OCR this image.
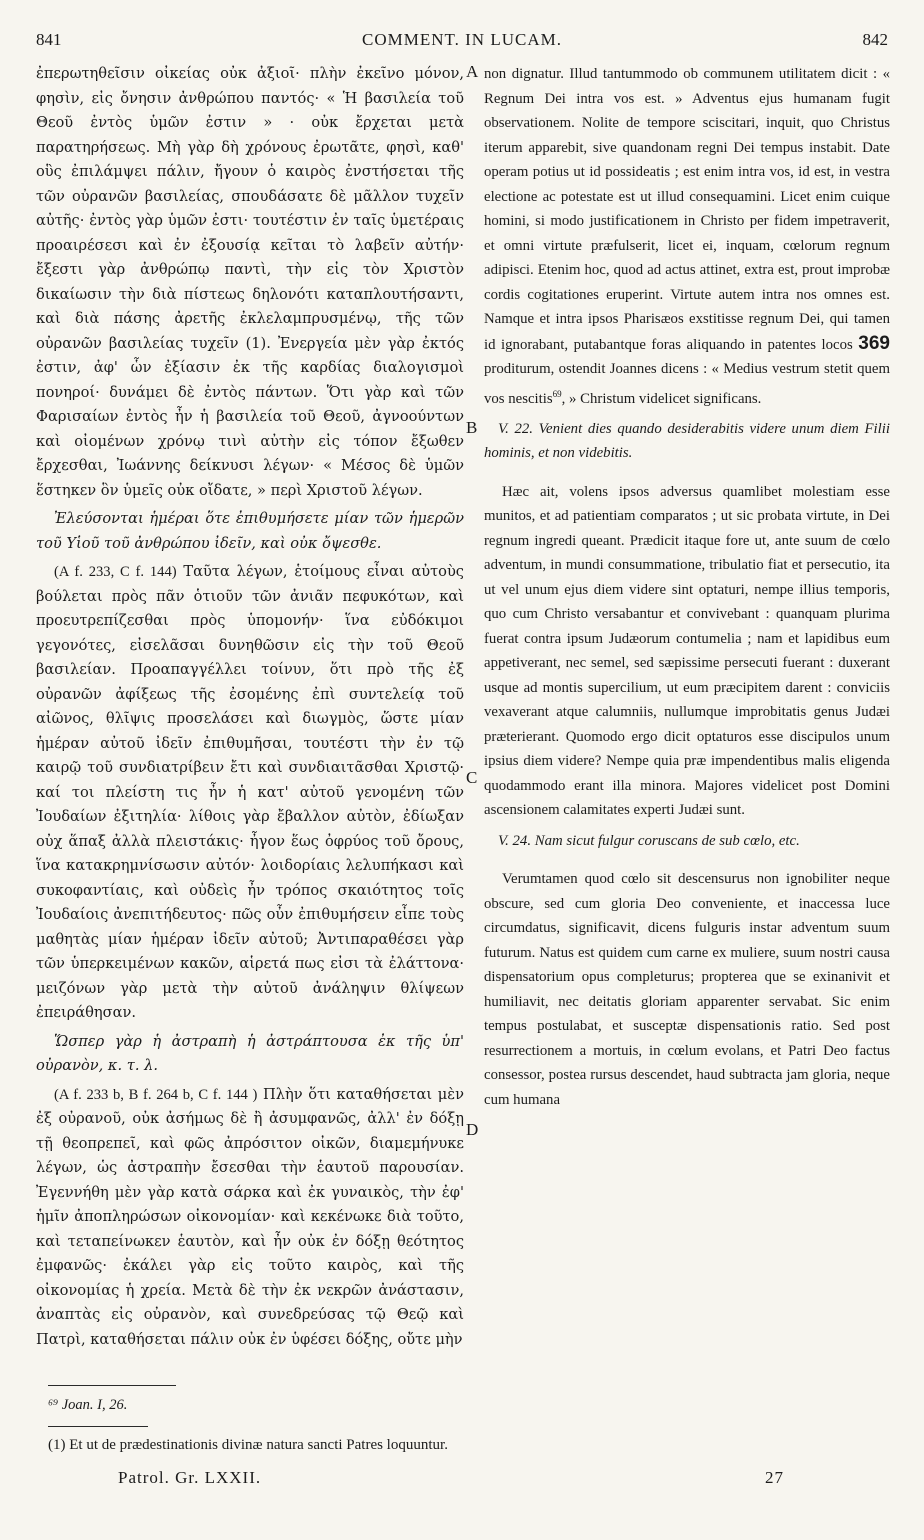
841	COMMENT. IN LUCAM.	842

ἐπερωτηθεῖσιν οἰκείας οὐκ ἀξιοῖ· πλὴν ἐκεῖνο μόνον, φησὶν, εἰς ὄνησιν ἀνθρώπου παντός· « Ἡ βασιλεία τοῦ Θεοῦ ἐντὸς ὑμῶν ἐστιν » · οὐκ ἔρχεται μετὰ παρατηρήσεως. Μὴ γὰρ δὴ χρόνους ἐρωτᾶτε, φησὶ, καθ' οὓς ἐπιλάμψει πάλιν, ἤγουν ὁ καιρὸς ἐνστήσεται τῆς τῶν οὐρανῶν βασιλείας, σπουδάσατε δὲ μᾶλλον τυχεῖν αὐτῆς· ἐντὸς γὰρ ὑμῶν ἐστι· τουτέστιν ἐν ταῖς ὑμετέραις προαιρέσεσι καὶ ἐν ἐξουσίᾳ κεῖται τὸ λαβεῖν αὐτήν· ἔξεστι γὰρ ἀνθρώπῳ παντὶ, τὴν εἰς τὸν Χριστὸν δικαίωσιν τὴν διὰ πίστεως δηλονότι καταπλουτήσαντι, καὶ διὰ πάσης ἀρετῆς ἐκλελαμπρυσμένῳ, τῆς τῶν οὐρανῶν βασιλείας τυχεῖν (1). Ἐνεργεία μὲν γὰρ ἐκτός ἐστιν, ἀφ' ὧν ἐξίασιν ἐκ τῆς καρδίας διαλογισμοὶ πονηροί· δυνάμει δὲ ἐντὸς πάντων. Ὅτι γὰρ καὶ τῶν Φαρισαίων ἐντὸς ἦν ἡ βασιλεία τοῦ Θεοῦ, ἀγνοούντων καὶ οἰομένων χρόνῳ τινὶ αὐτὴν εἰς τόπον ἔξωθεν ἔρχεσθαι, Ἰωάννης δείκνυσι λέγων· « Μέσος δὲ ὑμῶν ἕστηκεν ὃν ὑμεῖς οὐκ οἴδατε, » περὶ Χριστοῦ λέγων.

Ἐλεύσονται ἡμέραι ὅτε ἐπιθυμήσετε μίαν τῶν ἡμερῶν τοῦ Υἱοῦ τοῦ ἀνθρώπου ἰδεῖν, καὶ οὐκ ὄψεσθε.

(A f. 233, C f. 144) Ταῦτα λέγων, ἑτοίμους εἶναι αὐτοὺς βούλεται πρὸς πᾶν ὁτιοῦν τῶν ἀνιᾶν πεφυκότων, καὶ προευτρεπίζεσθαι πρὸς ὑπομονήν· ἵνα εὐδόκιμοι γεγονότες, εἰσελᾶσαι δυνηθῶσιν εἰς τὴν τοῦ Θεοῦ βασιλείαν. Προαπαγγέλλει τοίνυν, ὅτι πρὸ τῆς ἐξ οὐρανῶν ἀφίξεως τῆς ἐσομένης ἐπὶ συντελείᾳ τοῦ αἰῶνος, θλῖψις προσελάσει καὶ διωγμὸς, ὥστε μίαν ἡμέραν αὐτοῦ ἰδεῖν ἐπιθυμῆσαι, τουτέστι τὴν ἐν τῷ καιρῷ τοῦ συνδιατρίβειν ἔτι καὶ συνδιαιτᾶσθαι Χριστῷ· καί τοι πλείστη τις ἦν ἡ κατ' αὐτοῦ γενομένη τῶν Ἰουδαίων ἐξιτηλία· λίθοις γὰρ ἔβαλλον αὐτὸν, ἐδίωξαν οὐχ ἅπαξ ἀλλὰ πλειστάκις· ἦγον ἕως ὀφρύος τοῦ ὄρους, ἵνα κατακρημνίσωσιν αὐτόν· λοιδορίαις λελυπήκασι καὶ συκοφαντίαις, καὶ οὐδεὶς ἦν τρόπος σκαιότητος τοῖς Ἰουδαίοις ἀνεπιτήδευτος· πῶς οὖν ἐπιθυμήσειν εἶπε τοὺς μαθητὰς μίαν ἡμέραν ἰδεῖν αὐτοῦ; Ἀντιπαραθέσει γὰρ τῶν ὑπερκειμένων κακῶν, αἱρετά πως εἰσι τὰ ἐλάττονα· μειζόνων γὰρ μετὰ τὴν αὐτοῦ ἀνάληψιν θλίψεων ἐπειράθησαν.

Ὥσπερ γὰρ ἡ ἀστραπὴ ἡ ἀστράπτουσα ἐκ τῆς ὑπ' οὐρανὸν, κ. τ. λ.

(A f. 233 b, B f. 264 b, C f. 144 ) Πλὴν ὅτι καταθήσεται μὲν ἐξ οὐρανοῦ, οὐκ ἀσήμως δὲ ἢ ἀσυμφανῶς, ἀλλ' ἐν δόξῃ τῇ θεοπρεπεῖ, καὶ φῶς ἀπρόσιτον οἰκῶν, διαμεμήνυκε λέγων, ὡς ἀστραπὴν ἔσεσθαι τὴν ἑαυτοῦ παρουσίαν. Ἐγεννήθη μὲν γὰρ κατὰ σάρκα καὶ ἐκ γυναικὸς, τὴν ἐφ' ἡμῖν ἀποπληρώσων οἰκονομίαν· καὶ κεκένωκε διὰ τοῦτο, καὶ τεταπείνωκεν ἑαυτὸν, καὶ ἦν οὐκ ἐν δόξῃ θεότητος ἐμφανῶς· ἐκάλει γὰρ εἰς τοῦτο καιρὸς, καὶ τῆς οἰκονομίας ἡ χρεία. Μετὰ δὲ τὴν ἐκ νεκρῶν ἀνάστασιν, ἀναπτὰς εἰς οὐρανὸν, καὶ συνεδρεύσας τῷ Θεῷ καὶ Πατρὶ, καταθήσεται πάλιν οὐκ ἐν ὑφέσει δόξης, οὔτε μὴν

A
B
C
D

non dignatur. Illud tantummodo ob communem utilitatem dicit : « Regnum Dei intra vos est. » Adventus ejus humanam fugit observationem. Nolite de tempore sciscitari, inquit, quo Christus iterum apparebit, sive quandonam regni Dei tempus instabit. Date operam potius ut id possideatis ; est enim intra vos, id est, in vestra electione ac potestate est ut illud consequamini. Licet enim cuique homini, si modo justificationem in Christo per fidem impetraverit, et omni virtute præfulserit, licet ei, inquam, cœlorum regnum adipisci. Etenim hoc, quod ad actus attinet, extra est, prout improbæ cordis cogitationes eruperint. Virtute autem intra nos omnes est. Namque et intra ipsos Pharisæos exstitisse regnum Dei, qui tamen id ignorabant, putabantque foras aliquando in patentes locos 369 proditurum, ostendit Joannes dicens : « Medius vestrum stetit quem vos nescitis$^{69}$, » Christum videlicet significans.

V. 22. Venient dies quando desiderabitis videre unum diem Filii hominis, et non videbitis.

Hæc ait, volens ipsos adversus quamlibet molestiam esse munitos, et ad patientiam comparatos ; ut sic probata virtute, in Dei regnum ingredi queant. Prædicit itaque fore ut, ante suum de cœlo adventum, in mundi consummatione, tribulatio fiat et persecutio, ita ut vel unum ejus diem videre sint optaturi, nempe illius temporis, quo cum Christo versabantur et convivebant : quanquam plurima fuerat contra ipsum Judæorum contumelia ; nam et lapidibus eum appetiverant, nec semel, sed sæpissime persecuti fuerant : duxerant usque ad montis supercilium, ut eum præcipitem darent : conviciis vexaverant atque calumniis, nullumque improbitatis genus Judæi præterierant. Quomodo ergo dicit optaturos esse discipulos unum ipsius diem videre? Nempe quia præ impendentibus malis eligenda quodammodo erant illa minora. Majores videlicet post Domini ascensionem calamitates experti Judæi sunt.

V. 24. Nam sicut fulgur coruscans de sub cœlo, etc.

Verumtamen quod cœlo sit descensurus non ignobiliter neque obscure, sed cum gloria Deo conveniente, et inaccessa luce circumdatus, significavit, dicens fulguris instar adventum suum futurum. Natus est quidem cum carne ex muliere, suum nostri causa dispensatorium opus completurus; propterea que se exinanivit et humiliavit, nec deitatis gloriam apparenter servabat. Sic enim tempus postulabat, et susceptæ dispensationis ratio. Sed post resurrectionem a mortuis, in cœlum evolans, et Patri Deo factus consessor, postea rursus descendet, haud subtracta jam gloria, neque cum humana

⁶⁹ Joan. I, 26.
(1) Et ut de prædestinationis divinæ natura sancti Patres loquuntur.
Patrol. Gr. LXXII.	27
